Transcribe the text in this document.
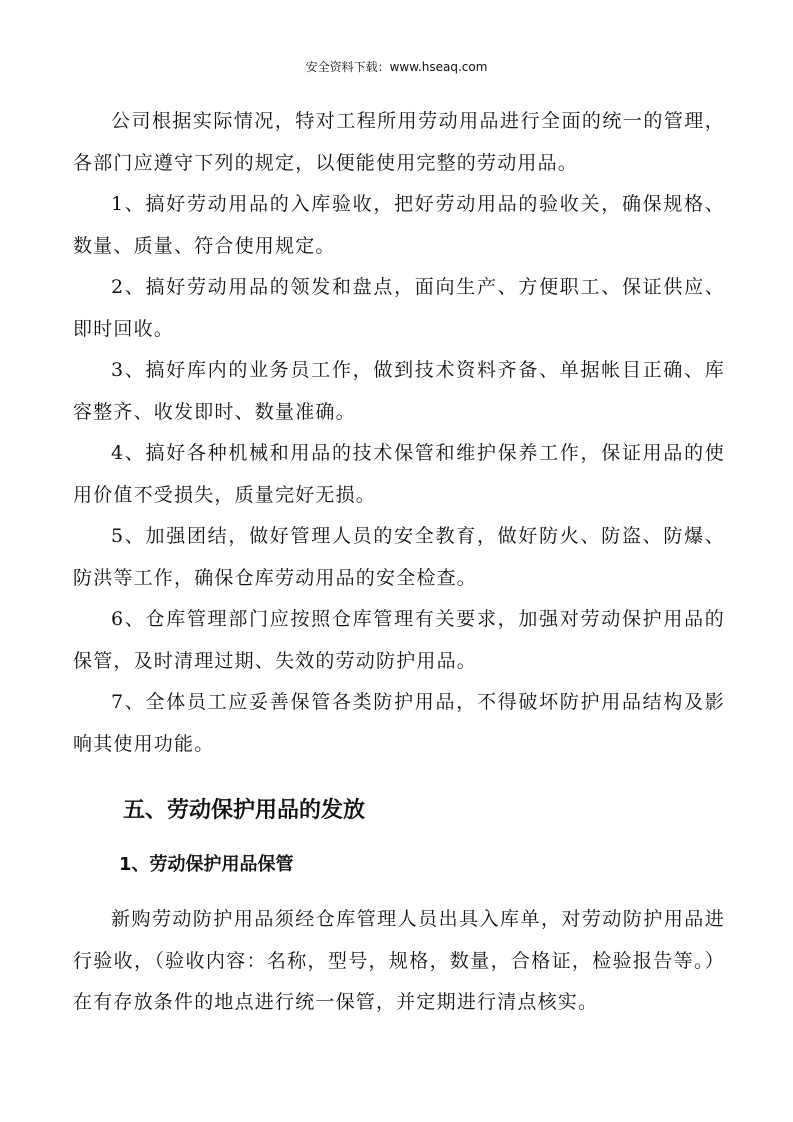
安全资料下载：www.hseaq.com

公司根据实际情况，特对工程所用劳动用品进行全面的统一的管理，各部门应遵守下列的规定，以便能使用完整的劳动用品。

1、搞好劳动用品的入库验收，把好劳动用品的验收关，确保规格、数量、质量、符合使用规定。

2、搞好劳动用品的领发和盘点，面向生产、方便职工、保证供应、即时回收。

3、搞好库内的业务员工作，做到技术资料齐备、单据帐目正确、库容整齐、收发即时、数量准确。

4、搞好各种机械和用品的技术保管和维护保养工作，保证用品的使用价值不受损失，质量完好无损。

5、加强团结，做好管理人员的安全教育，做好防火、防盗、防爆、防洪等工作，确保仓库劳动用品的安全检查。

6、仓库管理部门应按照仓库管理有关要求，加强对劳动保护用品的保管，及时清理过期、失效的劳动防护用品。

7、全体员工应妥善保管各类防护用品，不得破坏防护用品结构及影响其使用功能。

五、劳动保护用品的发放
1、劳动保护用品保管

新购劳动防护用品须经仓库管理人员出具入库单，对劳动防护用品进行验收，（验收内容：名称，型号，规格，数量，合格证，检验报告等。）在有存放条件的地点进行统一保管，并定期进行清点核实。
